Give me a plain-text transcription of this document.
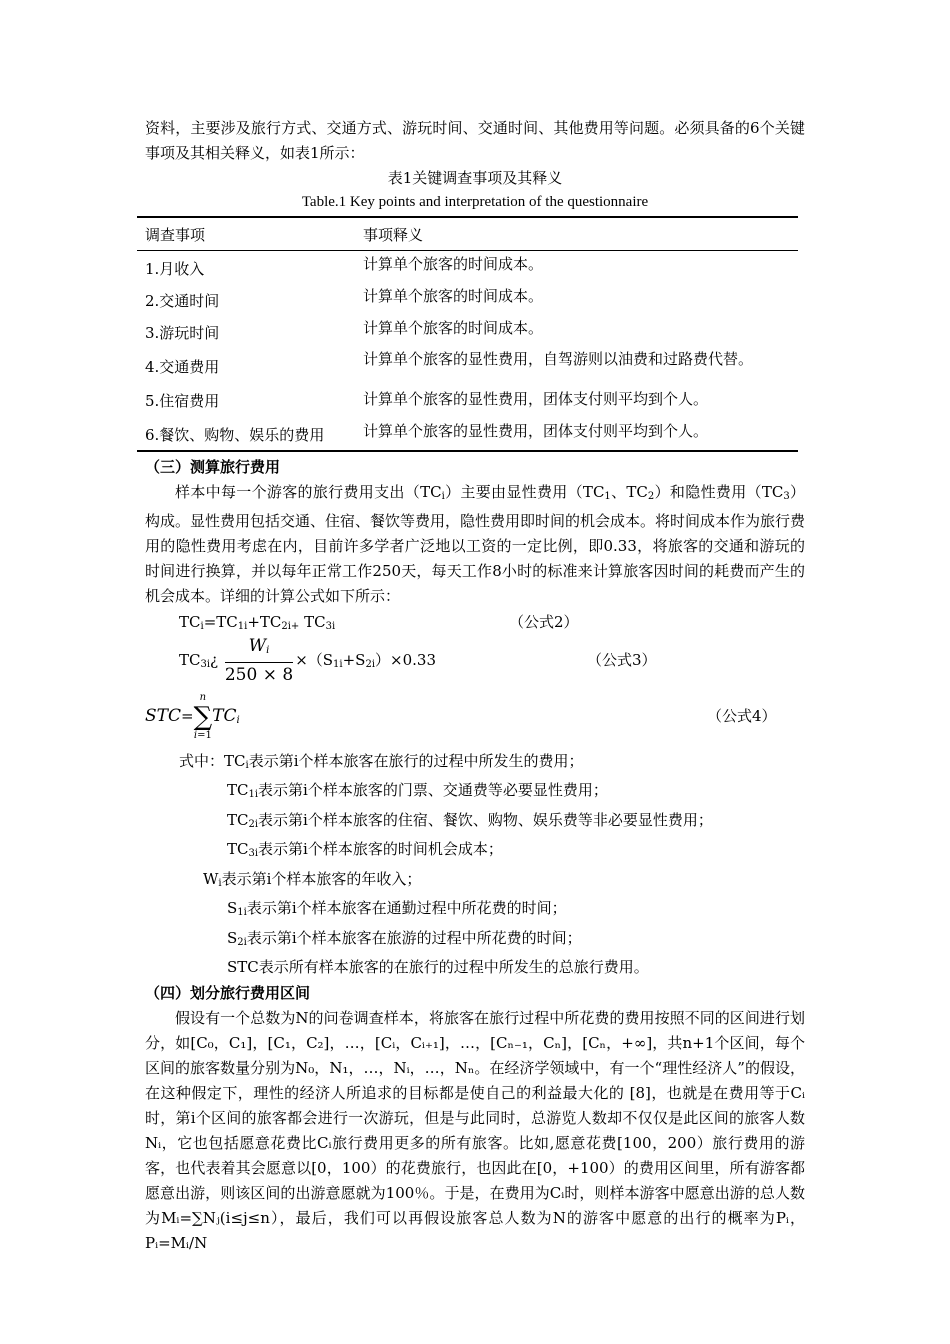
资料，主要涉及旅行方式、交通方式、游玩时间、交通时间、其他费用等问题。必须具备的6个关键事项及其相关释义，如表1所示：

表1关键调查事项及其释义

Table.1 Key points and interpretation of the questionnaire

调查事项	事项释义
1.月收入	计算单个旅客的时间成本。
2.交通时间	计算单个旅客的时间成本。
3.游玩时间	计算单个旅客的时间成本。
4.交通费用	计算单个旅客的显性费用，自驾游则以油费和过路费代替。
5.住宿费用	计算单个旅客的显性费用，团体支付则平均到个人。
6.餐饮、购物、娱乐的费用	计算单个旅客的显性费用，团体支付则平均到个人。

（三）测算旅行费用

样本中每一个游客的旅行费用支出$(TC_i)$主要由显性费用（$TC_1$、$TC_2$）和隐性费用$(TC_3)$构成。显性费用包括交通、住宿、餐饮等费用，隐性费用即时间的机会成本。将时间成本作为旅行费用的隐性费用考虑在内，目前许多学者广泛地以工资的一定比例，即0.33，将旅客的交通和游玩的时间进行换算，并以每年正常工作250天，每天工作8小时的标准来计算旅客因时间的耗费而产生的机会成本。详细的计算公式如下所示：

$TC_i=TC_{1i}+TC_{2i+}$ $TC_{3i}$	（公式2）
$TC_{3i}¿ \frac{W_i}{250 \times 8} \times(S_{1i}+S_{2i})\times 0.33$	（公式3）
STC=n
∑
$i=1TC_i$	（公式4）

式中：$TC_i$表示第i个样本旅客在旅行的过程中所发生的费用；

$TC_{1i}$表示第i个样本旅客的门票、交通费等必要显性费用；

$TC_{2i}$表示第i个样本旅客的住宿、餐饮、购物、娱乐费等非必要显性费用；

$TC_{3i}$表示第i个样本旅客的时间机会成本；

$W_i$表示第i个样本旅客的年收入；

$S_{1i}$表示第i个样本旅客在通勤过程中所花费的时间；

$S_{2i}$表示第i个样本旅客在旅游的过程中所花费的时间；

STC表示所有样本旅客的在旅行的过程中所发生的总旅行费用。

（四）划分旅行费用区间

假设有一个总数为N的问卷调查样本，将旅客在旅行过程中所花费的费用按照不同的区间进行划分，如[C₀，C₁]，[C₁，C₂]，…，[Cᵢ，Cᵢ₊₁]，…，[Cₙ₋₁，Cₙ]，[Cₙ，+∞]，共n+1个区间，每个区间的旅客数量分别为N₀，N₁，…，Nᵢ，…，Nₙ。在经济学领域中，有一个“理性经济人”的假设，在这种假定下，理性的经济人所追求的目标都是使自己的利益最大化的 [8]，也就是在费用等于Cᵢ时，第i个区间的旅客都会进行一次游玩，但是与此同时，总游览人数却不仅仅是此区间的旅客人数Nᵢ，它也包括愿意花费比Cᵢ旅行费用更多的所有旅客。比如,愿意花费[100，200）旅行费用的游客，也代表着其会愿意以[0，100）的花费旅行，也因此在[0，+100）的费用区间里，所有游客都愿意出游，则该区间的出游意愿就为100％。于是，在费用为Cᵢ时，则样本游客中愿意出游的总人数为Mᵢ=∑Nⱼ(i≤j≤n），最后，我们可以再假设旅客总人数为N的游客中愿意的出行的概率为Pᵢ，Pᵢ=Mᵢ/N
